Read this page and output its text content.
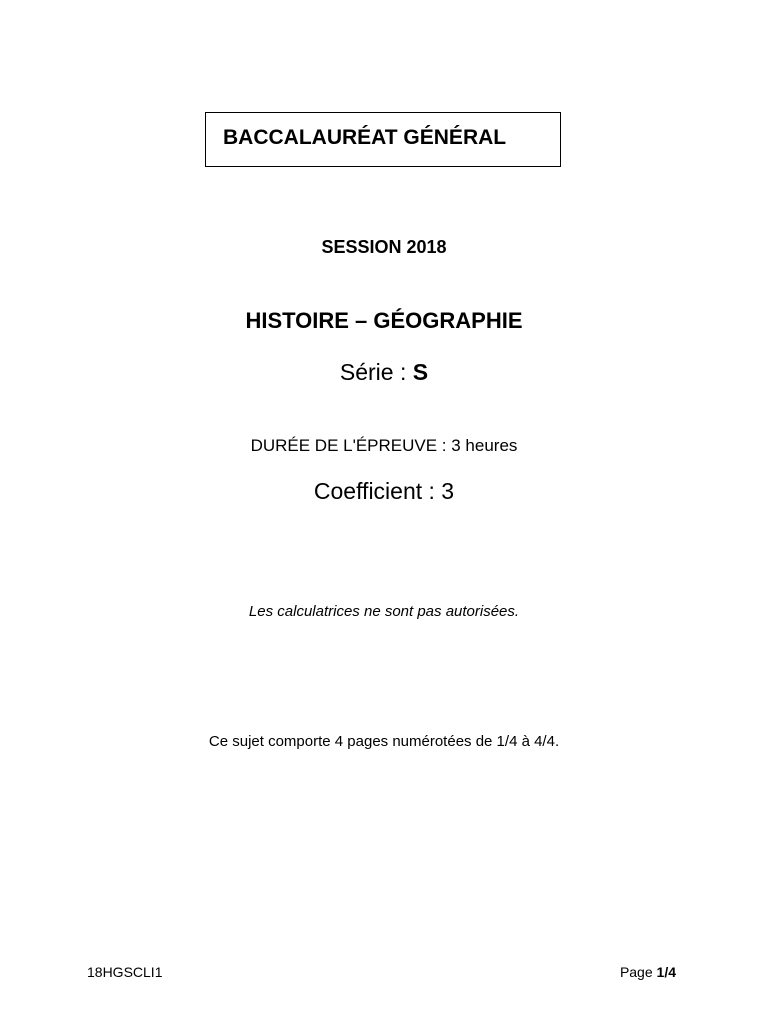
BACCALAURÉAT GÉNÉRAL
SESSION 2018
HISTOIRE – GÉOGRAPHIE
Série : S
DURÉE DE L'ÉPREUVE : 3 heures
Coefficient : 3
Les calculatrices ne sont pas autorisées.
Ce sujet comporte 4 pages numérotées de 1/4 à 4/4.
18HGSCLI1	Page 1/4
